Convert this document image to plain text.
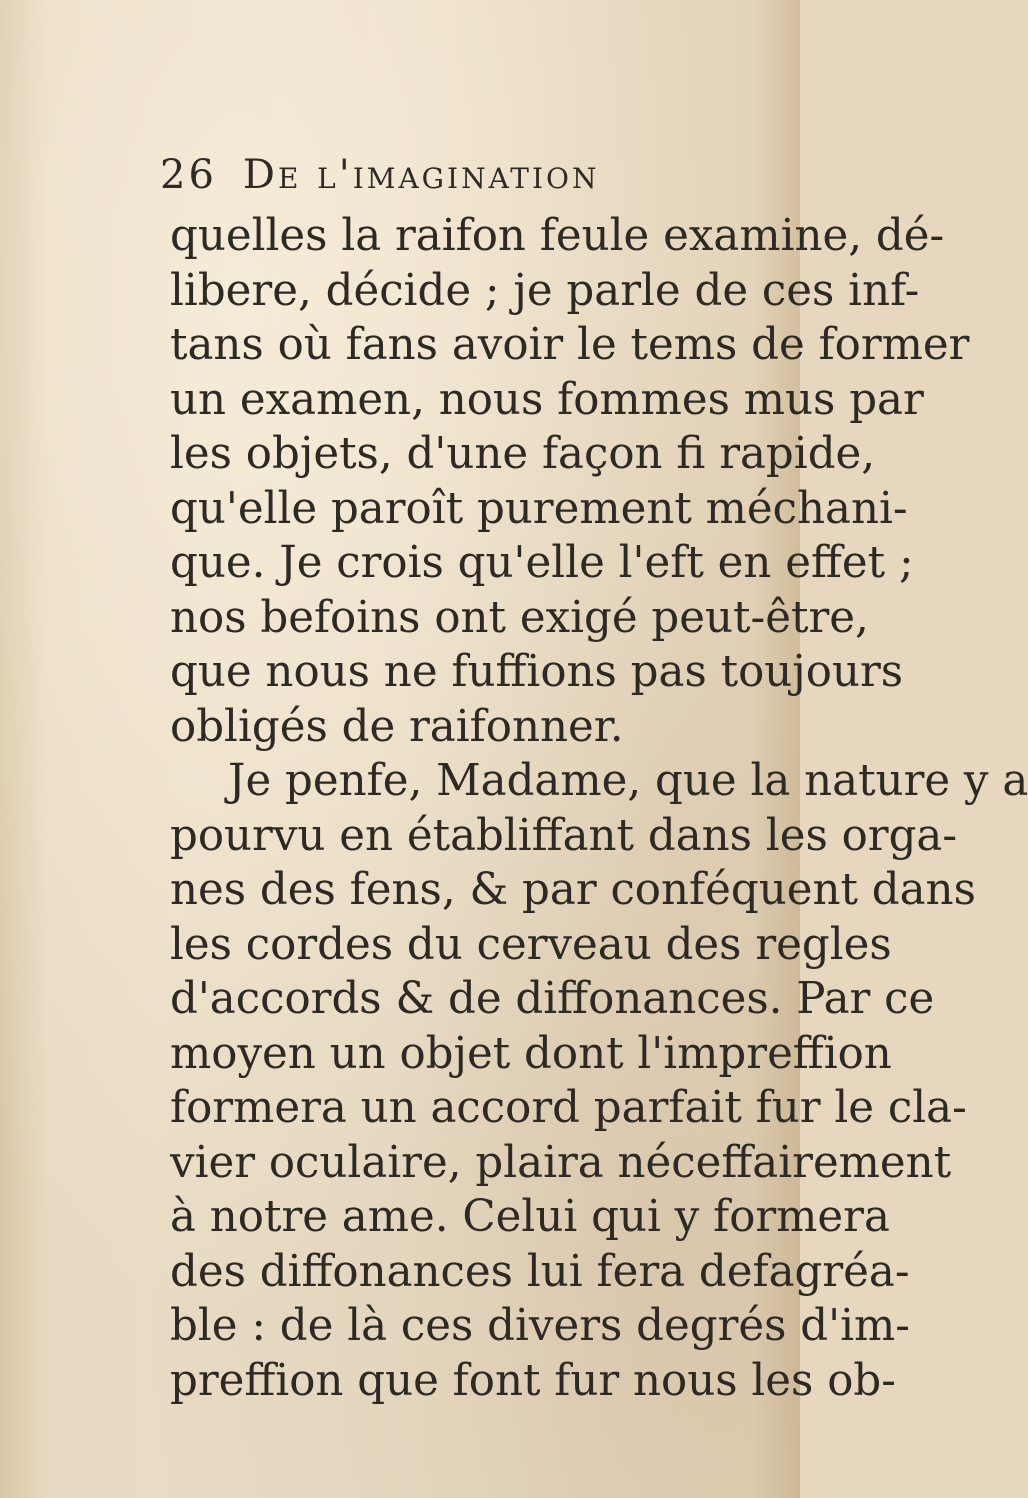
26 De l'imagination
quelles la raifon feule examine, dé-
libere, décide ; je parle de ces inf-
tans où fans avoir le tems de former
un examen, nous fommes mus par
les objets, d'une façon fi rapide,
qu'elle paroît purement méchani-
que. Je crois qu'elle l'eft en effet ;
nos befoins ont exigé peut-être,
que nous ne fuffions pas toujours
obligés de raifonner.
Je penfe, Madame, que la nature y a
pourvu en établiffant dans les orga-
nes des fens, & par conféquent dans
les cordes du cerveau des regles
d'accords & de diffonances. Par ce
moyen un objet dont l'impreffion
formera un accord parfait fur le cla-
vier oculaire, plaira néceffairement
à notre ame. Celui qui y formera
des diffonances lui fera defagréa-
ble : de là ces divers degrés d'im-
preffion que font fur nous les ob-
